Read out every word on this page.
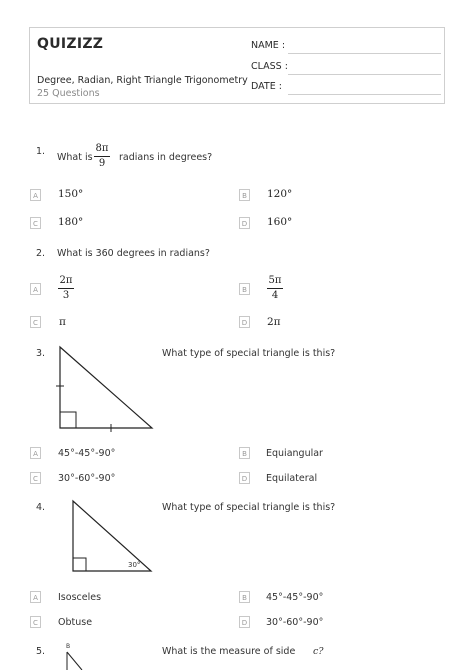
QUIZIZZ
Degree, Radian, Right Triangle Trigonometry
25 Questions
NAME :
CLASS :
DATE :
1.
What is
8π
9
radians in degrees?
A 150°	B 120°
C 180°	D 160°
2. What is 360 degrees in radians?
A
2π
3	B
5π
4
C π	D 2π
3.	What type of special triangle is this?
A	45°-45°-90°	B	Equiangular
C	30°-60°-90°	D Equilateral
4.
30°
What type of special triangle is this?
A	Isosceles	B	45°-45°-90°
C	Obtuse	D 30°-60°-90°
5.	B	What is the measure of side c?
